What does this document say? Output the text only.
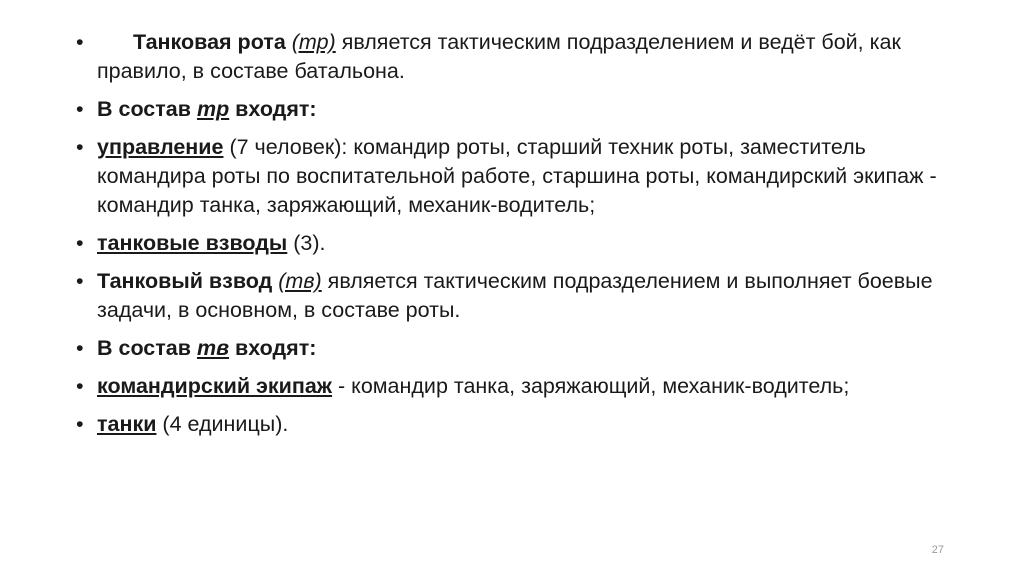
• Танковая рота (тр) является тактическим подразделением и ведёт бой, как правило, в составе батальона.
• В состав тр входят:
• управление (7 человек): командир роты, старший техник роты, заместитель командира роты по воспитательной работе, старшина роты, командирский экипаж - командир танка, заряжающий, механик-водитель;
• танковые взводы (3).
• Танковый взвод (тв) является тактическим подразделением и выполняет боевые задачи, в основном, в составе роты.
• В состав тв входят:
• командирский экипаж - командир танка, заряжающий, механик-водитель;
• танки (4 единицы).
27
